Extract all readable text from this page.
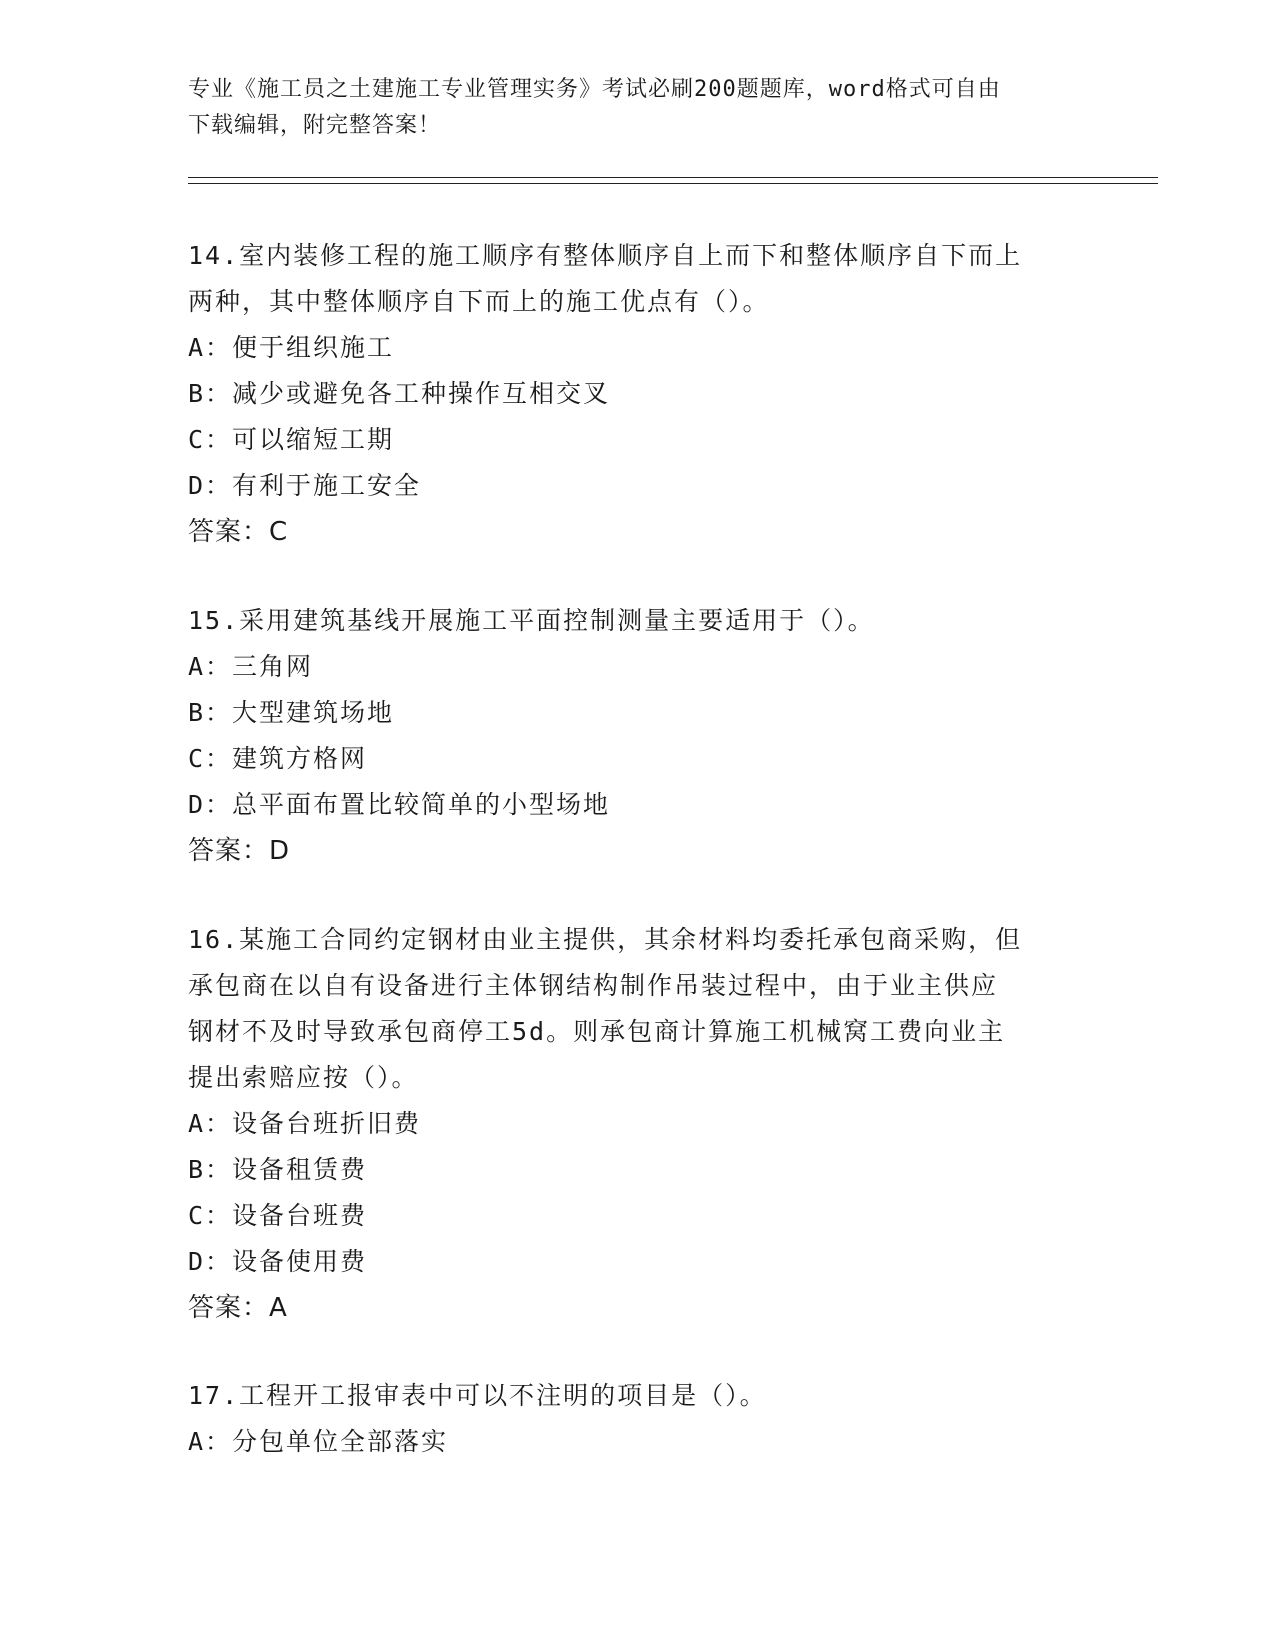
专业《施工员之土建施工专业管理实务》考试必刷200题题库，word格式可自由
下载编辑，附完整答案！

14.室内装修工程的施工顺序有整体顺序自上而下和整体顺序自下而上

两种，其中整体顺序自下而上的施工优点有（）。

A：便于组织施工

B：减少或避免各工种操作互相交叉

C：可以缩短工期

D：有利于施工安全

答案：C

15.采用建筑基线开展施工平面控制测量主要适用于（）。

A：三角网

B：大型建筑场地

C：建筑方格网

D：总平面布置比较简单的小型场地

答案：D

16.某施工合同约定钢材由业主提供，其余材料均委托承包商采购，但

承包商在以自有设备进行主体钢结构制作吊装过程中，由于业主供应

钢材不及时导致承包商停工5d。则承包商计算施工机械窝工费向业主

提出索赔应按（）。

A：设备台班折旧费

B：设备租赁费

C：设备台班费

D：设备使用费

答案：A

17.工程开工报审表中可以不注明的项目是（）。

A：分包单位全部落实
